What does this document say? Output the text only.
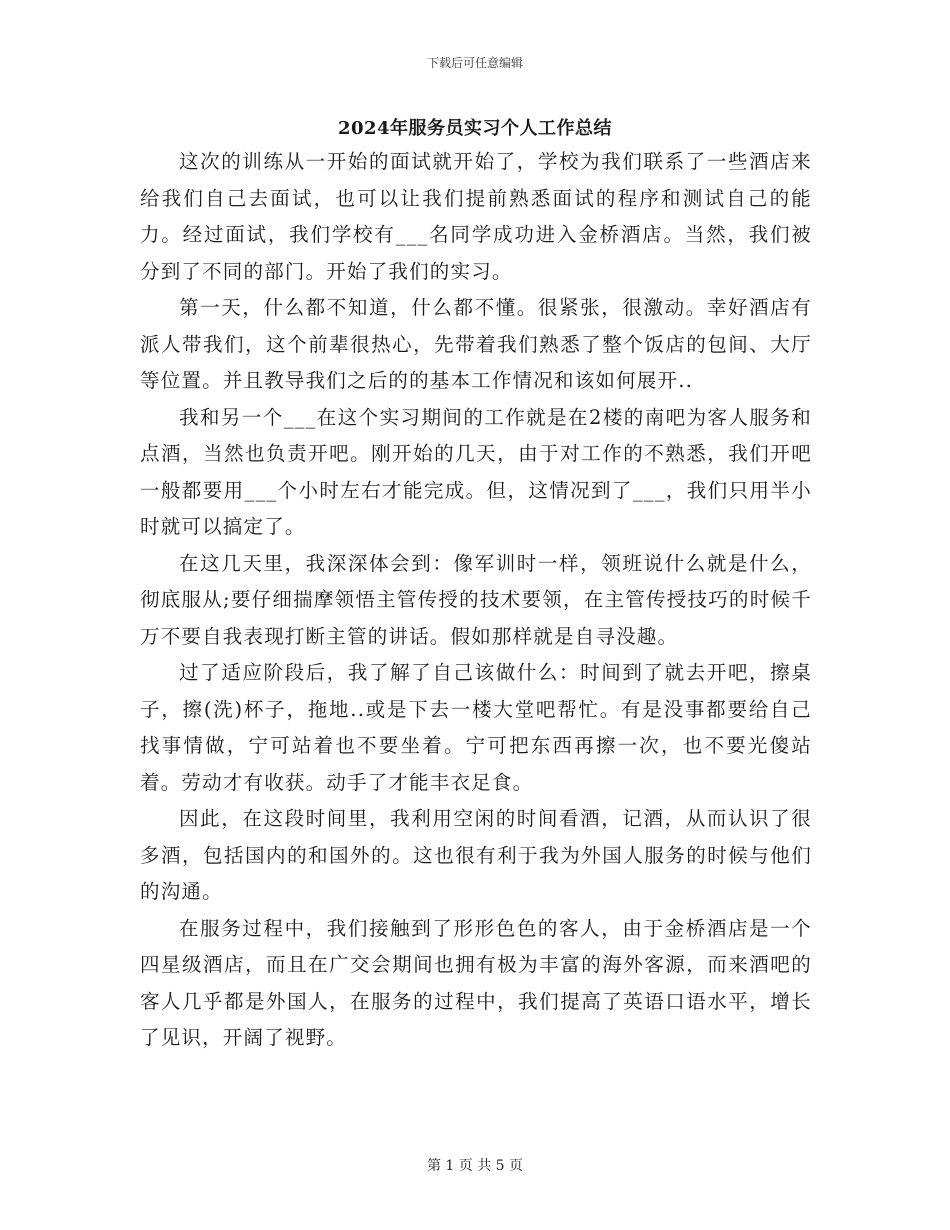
下载后可任意编辑
2024年服务员实习个人工作总结

这次的训练从一开始的面试就开始了，学校为我们联系了一些酒店来给我们自己去面试，也可以让我们提前熟悉面试的程序和测试自己的能力。经过面试，我们学校有___名同学成功进入金桥酒店。当然，我们被分到了不同的部门。开始了我们的实习。

第一天，什么都不知道，什么都不懂。很紧张，很激动。幸好酒店有派人带我们，这个前辈很热心，先带着我们熟悉了整个饭店的包间、大厅等位置。并且教导我们之后的的基本工作情况和该如何展开..

我和另一个___在这个实习期间的工作就是在2楼的南吧为客人服务和点酒，当然也负责开吧。刚开始的几天，由于对工作的不熟悉，我们开吧一般都要用___个小时左右才能完成。但，这情况到了___，我们只用半小时就可以搞定了。

在这几天里，我深深体会到：像军训时一样，领班说什么就是什么，彻底服从;要仔细揣摩领悟主管传授的技术要领，在主管传授技巧的时候千万不要自我表现打断主管的讲话。假如那样就是自寻没趣。

过了适应阶段后，我了解了自己该做什么：时间到了就去开吧，擦桌子，擦(洗)杯子，拖地..或是下去一楼大堂吧帮忙。有是没事都要给自己找事情做，宁可站着也不要坐着。宁可把东西再擦一次，也不要光傻站着。劳动才有收获。动手了才能丰衣足食。

因此，在这段时间里，我利用空闲的时间看酒，记酒，从而认识了很多酒，包括国内的和国外的。这也很有利于我为外国人服务的时候与他们的沟通。

在服务过程中，我们接触到了形形色色的客人，由于金桥酒店是一个四星级酒店，而且在广交会期间也拥有极为丰富的海外客源，而来酒吧的客人几乎都是外国人，在服务的过程中，我们提高了英语口语水平，增长了见识，开阔了视野。

第 1 页 共 5 页
